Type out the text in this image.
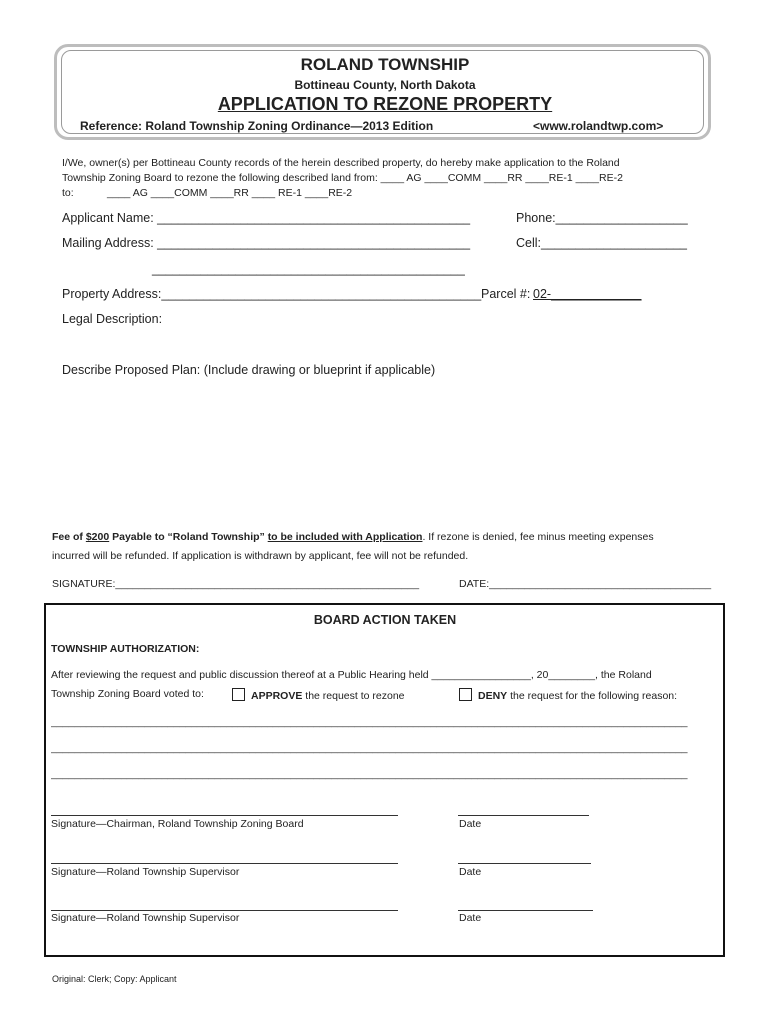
ROLAND TOWNSHIP
Bottineau County, North Dakota
APPLICATION TO REZONE PROPERTY
Reference: Roland Township Zoning Ordinance—2013 Edition	<www.rolandtwp.com>
I/We, owner(s) per Bottineau County records of the herein described property, do hereby make application to the Roland
Township Zoning Board to rezone the following described land from: ____ AG ____COMM ____RR ____RE-1 ____RE-2
to:	____ AG ____COMM ____RR ____ RE-1 ____RE-2
Applicant Name: _____________________________________________	Phone:___________________
Mailing Address: _____________________________________________	Cell:_____________________
_____________________________________________
Property Address:______________________________________________ Parcel #: 02-_____________
Legal Description:
Describe Proposed Plan: (Include drawing or blueprint if applicable)
Fee of $200 Payable to “Roland Township” to be included with Application. If rezone is denied, fee minus meeting expenses
incurred will be refunded. If application is withdrawn by applicant, fee will not be refunded.
SIGNATURE:____________________________________________________	DATE:______________________________________
BOARD ACTION TAKEN
TOWNSHIP AUTHORIZATION:
After reviewing the request and public discussion thereof at a Public Hearing held _________________, 20________, the Roland
Township Zoning Board voted to:	APPROVE the request to rezone	DENY the request for the following reason:
_____________________________________________________________________________________________________________
_____________________________________________________________________________________________________________
_____________________________________________________________________________________________________________
Signature—Chairman, Roland Township Zoning Board	Date
Signature—Roland Township Supervisor	Date
Signature—Roland Township Supervisor	Date
Original: Clerk; Copy: Applicant
